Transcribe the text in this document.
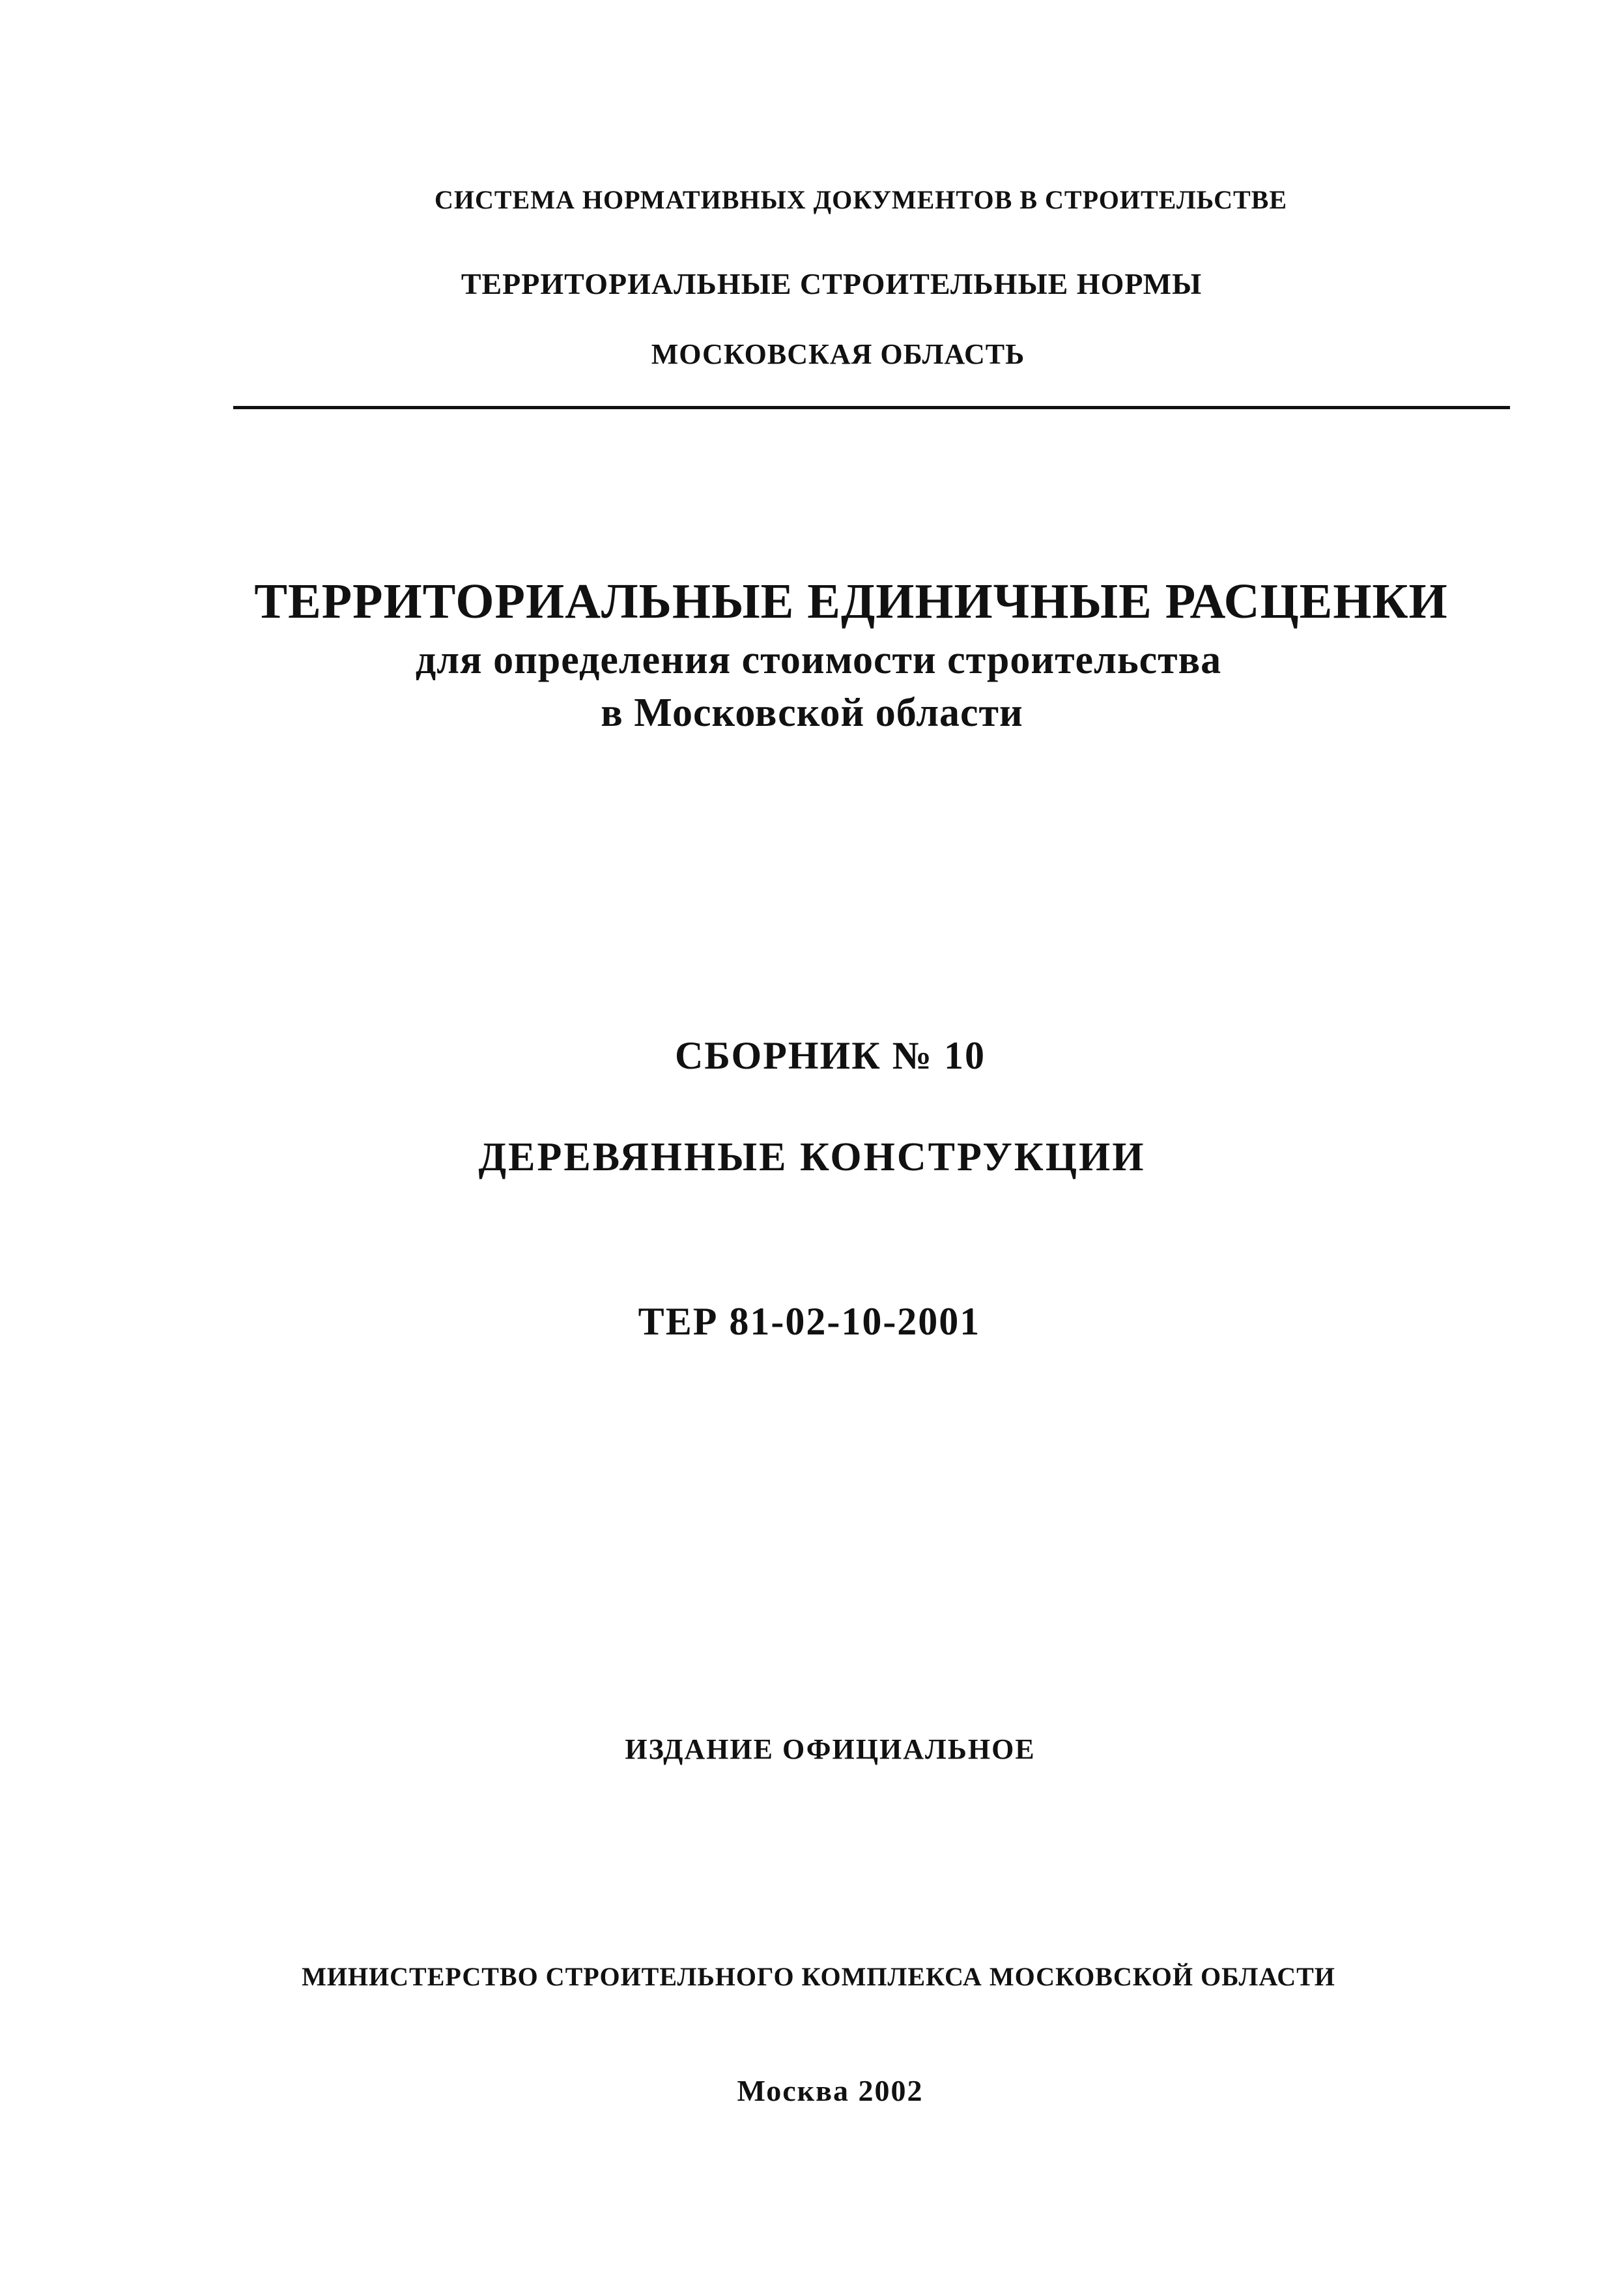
СИСТЕМА НОРМАТИВНЫХ ДОКУМЕНТОВ В СТРОИТЕЛЬСТВЕ
ТЕРРИТОРИАЛЬНЫЕ СТРОИТЕЛЬНЫЕ НОРМЫ
МОСКОВСКАЯ ОБЛАСТЬ
ТЕРРИТОРИАЛЬНЫЕ ЕДИНИЧНЫЕ РАСЦЕНКИ
для определения стоимости строительства
в Московской области
СБОРНИК № 10
ДЕРЕВЯННЫЕ КОНСТРУКЦИИ
ТЕР 81-02-10-2001
ИЗДАНИЕ ОФИЦИАЛЬНОЕ
МИНИСТЕРСТВО СТРОИТЕЛЬНОГО КОМПЛЕКСА МОСКОВСКОЙ ОБЛАСТИ
Москва 2002
